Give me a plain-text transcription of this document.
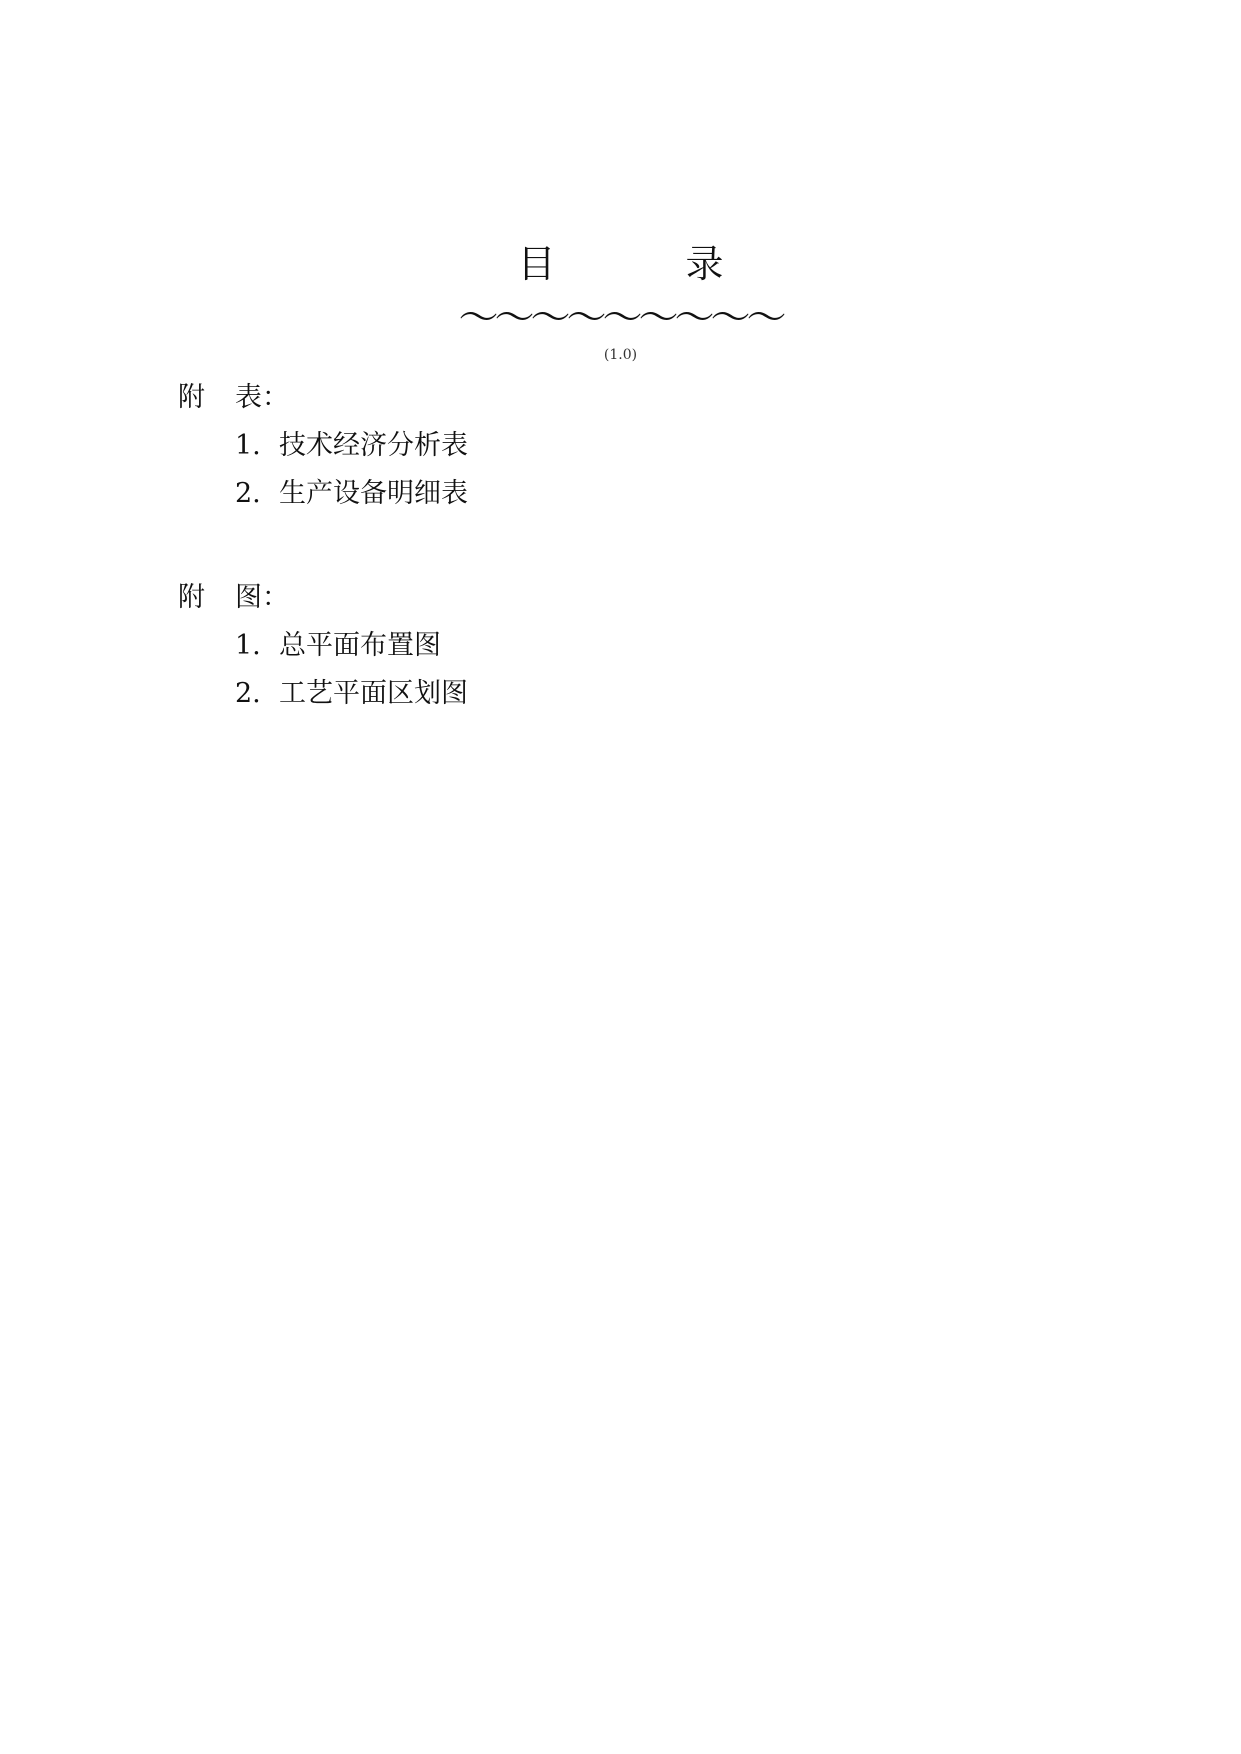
目	录
～～～～～～～～～
(1.0)
附 表：
1. 技术经济分析表
2. 生产设备明细表
附 图：
1. 总平面布置图
2. 工艺平面区划图
